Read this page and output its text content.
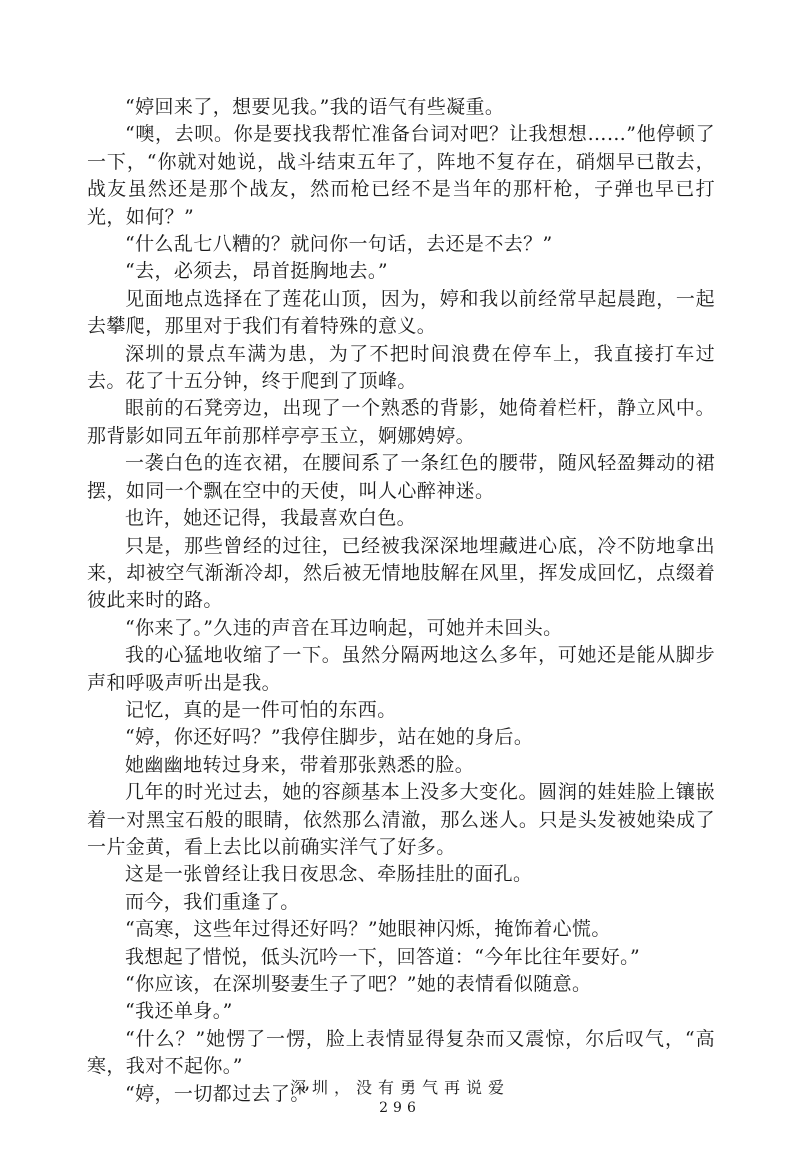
“婷回来了，想要见我。”我的语气有些凝重。

“噢，去呗。你是要找我帮忙准备台词对吧？让我想想……”他停顿了一下，“你就对她说，战斗结束五年了，阵地不复存在，硝烟早已散去，战友虽然还是那个战友，然而枪已经不是当年的那杆枪，子弹也早已打光，如何？”

“什么乱七八糟的？就问你一句话，去还是不去？”

“去，必须去，昂首挺胸地去。”

见面地点选择在了莲花山顶，因为，婷和我以前经常早起晨跑，一起去攀爬，那里对于我们有着特殊的意义。

深圳的景点车满为患，为了不把时间浪费在停车上，我直接打车过去。花了十五分钟，终于爬到了顶峰。

眼前的石凳旁边，出现了一个熟悉的背影，她倚着栏杆，静立风中。那背影如同五年前那样亭亭玉立，婀娜娉婷。

一袭白色的连衣裙，在腰间系了一条红色的腰带，随风轻盈舞动的裙摆，如同一个飘在空中的天使，叫人心醉神迷。

也许，她还记得，我最喜欢白色。

只是，那些曾经的过往，已经被我深深地埋藏进心底，冷不防地拿出来，却被空气渐渐冷却，然后被无情地肢解在风里，挥发成回忆，点缀着彼此来时的路。

“你来了。”久违的声音在耳边响起，可她并未回头。

我的心猛地收缩了一下。虽然分隔两地这么多年，可她还是能从脚步声和呼吸声听出是我。

记忆，真的是一件可怕的东西。

“婷，你还好吗？”我停住脚步，站在她的身后。

她幽幽地转过身来，带着那张熟悉的脸。

几年的时光过去，她的容颜基本上没多大变化。圆润的娃娃脸上镶嵌着一对黑宝石般的眼睛，依然那么清澈，那么迷人。只是头发被她染成了一片金黄，看上去比以前确实洋气了好多。

这是一张曾经让我日夜思念、牵肠挂肚的面孔。

而今，我们重逢了。

“高寒，这些年过得还好吗？”她眼神闪烁，掩饰着心慌。

我想起了惜悦，低头沉吟一下，回答道：“今年比往年要好。”

“你应该，在深圳娶妻生子了吧？”她的表情看似随意。

“我还单身。”

“什么？”她愣了一愣，脸上表情显得复杂而又震惊，尔后叹气，“高寒，我对不起你。”

“婷，一切都过去了。”

深圳，没有勇气再说爱
296
